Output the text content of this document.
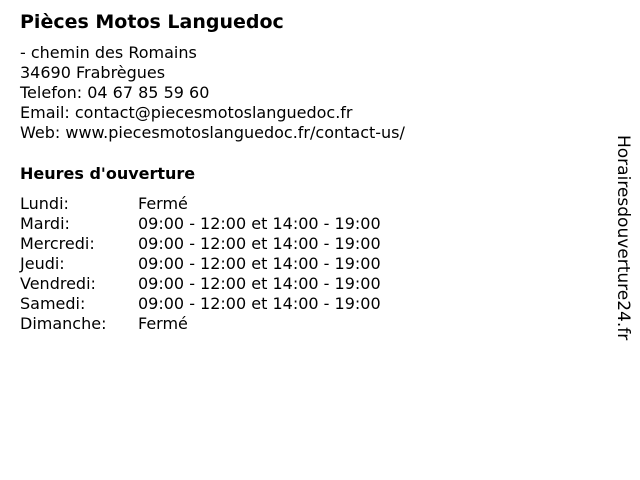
Pièces Motos Languedoc
- chemin des Romains
34690 Frabrègues
Telefon: 04 67 85 59 60
Email: contact@piecesmotoslanguedoc.fr
Web: www.piecesmotoslanguedoc.fr/contact-us/
Heures d'ouverture
Lundi:	Fermé
Mardi:	09:00 - 12:00 et 14:00 - 19:00
Mercredi:	09:00 - 12:00 et 14:00 - 19:00
Jeudi:	09:00 - 12:00 et 14:00 - 19:00
Vendredi:	09:00 - 12:00 et 14:00 - 19:00
Samedi:	09:00 - 12:00 et 14:00 - 19:00
Dimanche:	Fermé	Horairesdouverture24.fr
